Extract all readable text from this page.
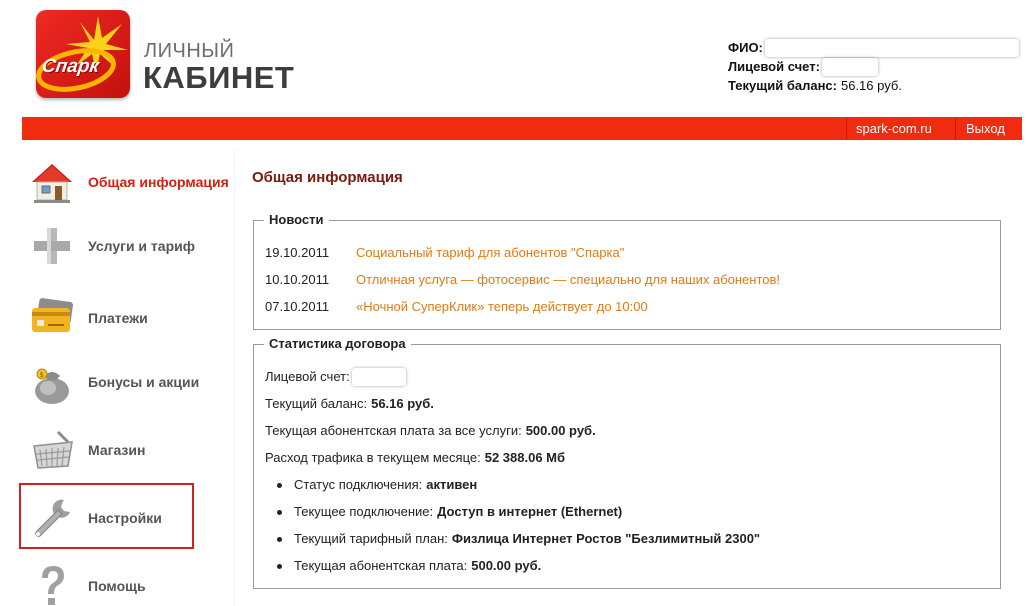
Спарк
ЛИЧНЫЙ
КАБИНЕТ
ФИО:
Лицевой счет:
Текущий баланс: 56.16 руб.
spark-com.ru	Выход
Общая информация
Услуги и тариф
Платежи
$	Бонусы и акции
Магазин
Настройки
Помощь
Общая информация
Новости
19.10.2011 Социальный тариф для абонентов "Спарка"
10.10.2011 Отличная услуга — фотосервис — специально для наших абонентов!
07.10.2011 «Ночной СуперКлик» теперь действует до 10:00
Статистика договора
Лицевой счет:
Текущий баланс: 56.16 руб.
Текущая абонентская плата за все услуги: 500.00 руб.
Расход трафика в текущем месяце: 52 388.06 Мб
Статус подключения: активен
Текущее подключение: Доступ в интернет (Ethernet)
Текущий тарифный план: Физлица Интернет Ростов "Безлимитный 2300"
Текущая абонентская плата: 500.00 руб.
